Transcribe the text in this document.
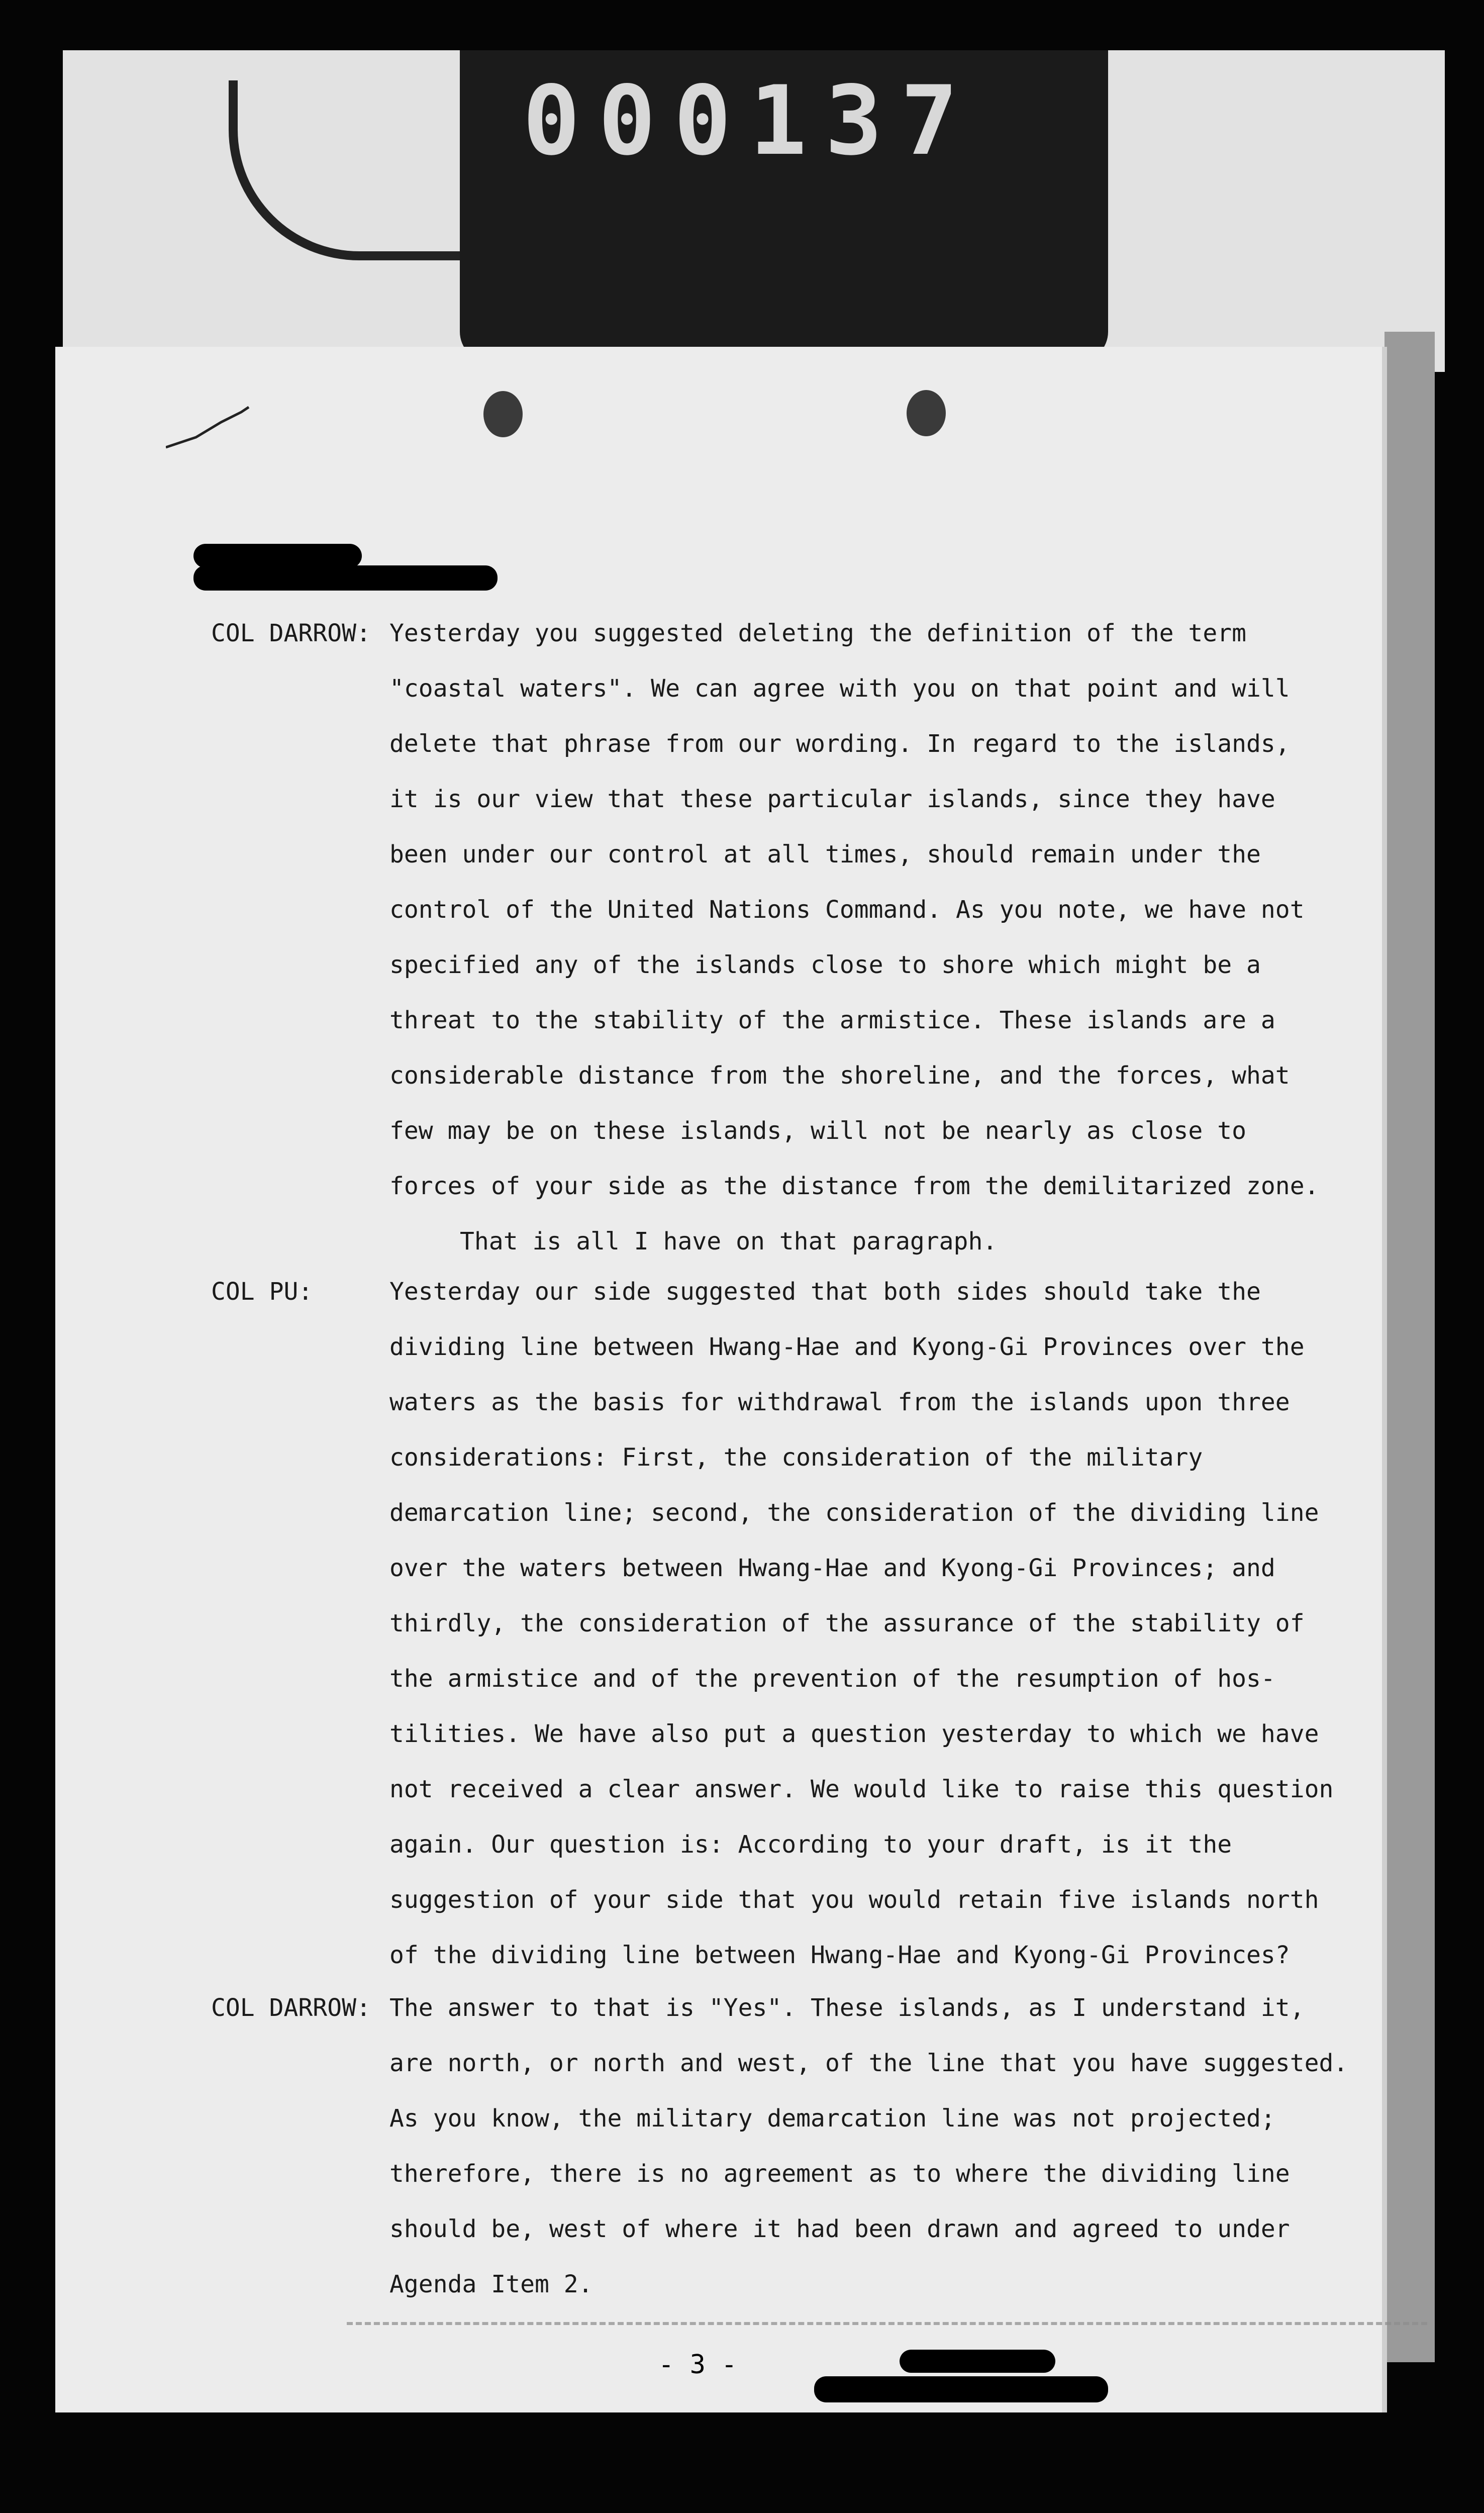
000137
COL DARROW: Yesterday you suggested deleting the definition of the term
"coastal waters". We can agree with you on that point and will
delete that phrase from our wording. In regard to the islands,
it is our view that these particular islands, since they have
been under our control at all times, should remain under the
control of the United Nations Command. As you note, we have not
specified any of the islands close to shore which might be a
threat to the stability of the armistice. These islands are a
considerable distance from the shoreline, and the forces, what
few may be on these islands, will not be nearly as close to
forces of your side as the distance from the demilitarized zone.
That is all I have on that paragraph.
COL PU:	Yesterday our side suggested that both sides should take the
dividing line between Hwang-Hae and Kyong-Gi Provinces over the
waters as the basis for withdrawal from the islands upon three
considerations: First, the consideration of the military
demarcation line; second, the consideration of the dividing line
over the waters between Hwang-Hae and Kyong-Gi Provinces; and
thirdly, the consideration of the assurance of the stability of
the armistice and of the prevention of the resumption of hos-
tilities. We have also put a question yesterday to which we have
not received a clear answer. We would like to raise this question
again. Our question is: According to your draft, is it the
suggestion of your side that you would retain five islands north
of the dividing line between Hwang-Hae and Kyong-Gi Provinces?
COL DARROW: The answer to that is "Yes". These islands, as I understand it,
are north, or north and west, of the line that you have suggested.
As you know, the military demarcation line was not projected;
therefore, there is no agreement as to where the dividing line
should be, west of where it had been drawn and agreed to under
Agenda Item 2.
- 3 -
